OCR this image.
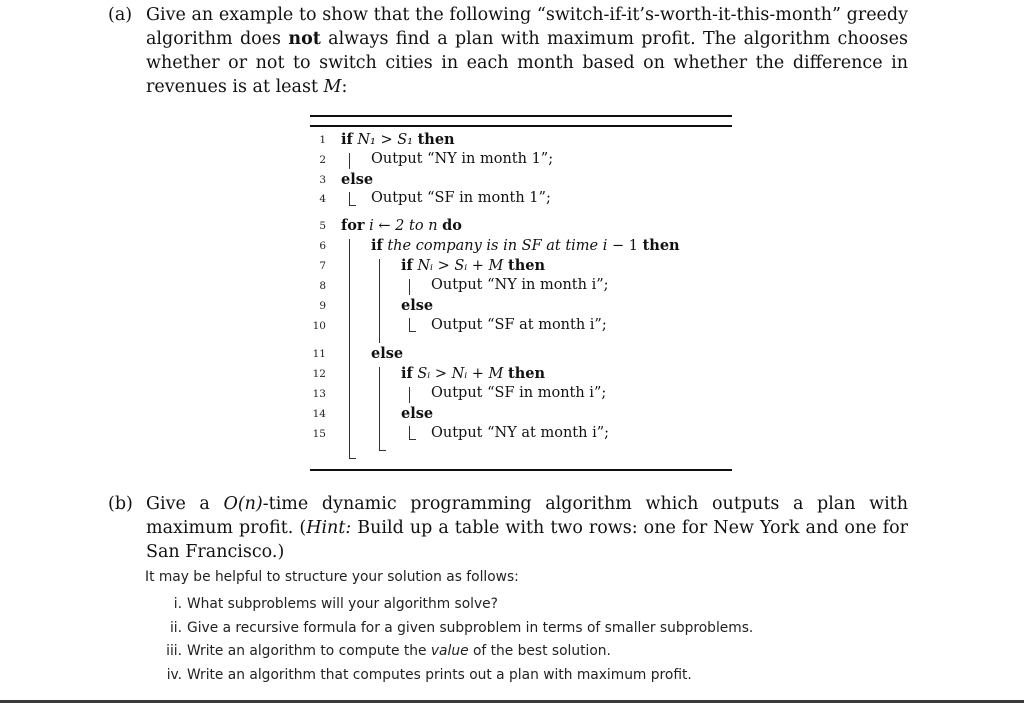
(a) Give an example to show that the following “switch-if-it’s-worth-it-this-month” greedy algorithm does not always find a plan with maximum profit. The algorithm chooses whether or not to switch cities in each month based on whether the difference in revenues is at least M:
1
2
3
4
5
6
7
8
9
10
11
12
13
14
15
if N₁ > S₁ then
Output “NY in month 1”;
else
Output “SF in month 1”;
for i ← 2 to n do
if the company is in SF at time i − 1 then
if Nᵢ > Sᵢ + M then
Output “NY in month i”;
else
Output “SF at month i”;
else
if Sᵢ > Nᵢ + M then
Output “SF in month i”;
else
Output “NY at month i”;
(b) Give a O(n)-time dynamic programming algorithm which outputs a plan with maximum profit. (Hint: Build up a table with two rows: one for New York and one for San Francisco.)
It may be helpful to structure your solution as follows:
i. What subproblems will your algorithm solve?
ii. Give a recursive formula for a given subproblem in terms of smaller subproblems.
iii. Write an algorithm to compute the value of the best solution.
iv. Write an algorithm that computes prints out a plan with maximum profit.
